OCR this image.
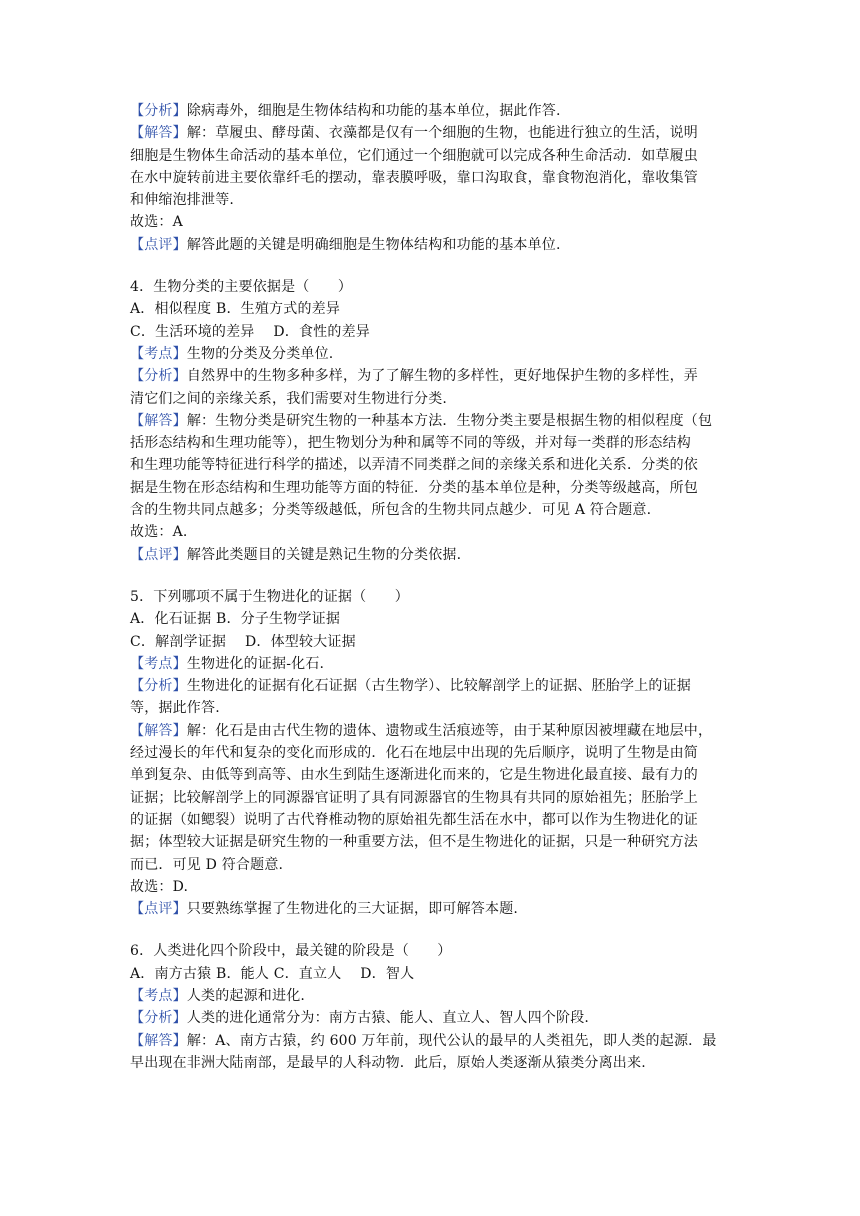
【分析】除病毒外，细胞是生物体结构和功能的基本单位，据此作答.
【解答】解：草履虫、酵母菌、衣藻都是仅有一个细胞的生物，也能进行独立的生活，说明
细胞是生物体生命活动的基本单位，它们通过一个细胞就可以完成各种生命活动．如草履虫
在水中旋转前进主要依靠纤毛的摆动，靠表膜呼吸，靠口沟取食，靠食物泡消化，靠收集管
和伸缩泡排泄等.
故选：A
【点评】解答此题的关键是明确细胞是生物体结构和功能的基本单位.
4．生物分类的主要依据是（　　）
A．相似程度 B．生殖方式的差异
C．生活环境的差异　 D．食性的差异
【考点】生物的分类及分类单位.
【分析】自然界中的生物多种多样，为了了解生物的多样性，更好地保护生物的多样性，弄
清它们之间的亲缘关系，我们需要对生物进行分类.
【解答】解：生物分类是研究生物的一种基本方法．生物分类主要是根据生物的相似程度（包
括形态结构和生理功能等），把生物划分为种和属等不同的等级，并对每一类群的形态结构
和生理功能等特征进行科学的描述，以弄清不同类群之间的亲缘关系和进化关系．分类的依
据是生物在形态结构和生理功能等方面的特征．分类的基本单位是种，分类等级越高，所包
含的生物共同点越多；分类等级越低，所包含的生物共同点越少．可见 A 符合题意.
故选：A.
【点评】解答此类题目的关键是熟记生物的分类依据.
5．下列哪项不属于生物进化的证据（　　）
A．化石证据 B．分子生物学证据
C．解剖学证据　 D．体型较大证据
【考点】生物进化的证据-化石.
【分析】生物进化的证据有化石证据（古生物学）、比较解剖学上的证据、胚胎学上的证据
等，据此作答.
【解答】解：化石是由古代生物的遗体、遗物或生活痕迹等，由于某种原因被埋藏在地层中，
经过漫长的年代和复杂的变化而形成的．化石在地层中出现的先后顺序，说明了生物是由简
单到复杂、由低等到高等、由水生到陆生逐渐进化而来的，它是生物进化最直接、最有力的
证据；比较解剖学上的同源器官证明了具有同源器官的生物具有共同的原始祖先；胚胎学上
的证据（如鳃裂）说明了古代脊椎动物的原始祖先都生活在水中，都可以作为生物进化的证
据；体型较大证据是研究生物的一种重要方法，但不是生物进化的证据，只是一种研究方法
而已．可见 D 符合题意.
故选：D.
【点评】只要熟练掌握了生物进化的三大证据，即可解答本题.
6．人类进化四个阶段中，最关键的阶段是（　　）
A．南方古猿 B．能人 C．直立人　 D．智人
【考点】人类的起源和进化.
【分析】人类的进化通常分为：南方古猿、能人、直立人、智人四个阶段.
【解答】解：A、南方古猿，约 600 万年前，现代公认的最早的人类祖先，即人类的起源．最
早出现在非洲大陆南部，是最早的人科动物．此后，原始人类逐渐从猿类分离出来.
